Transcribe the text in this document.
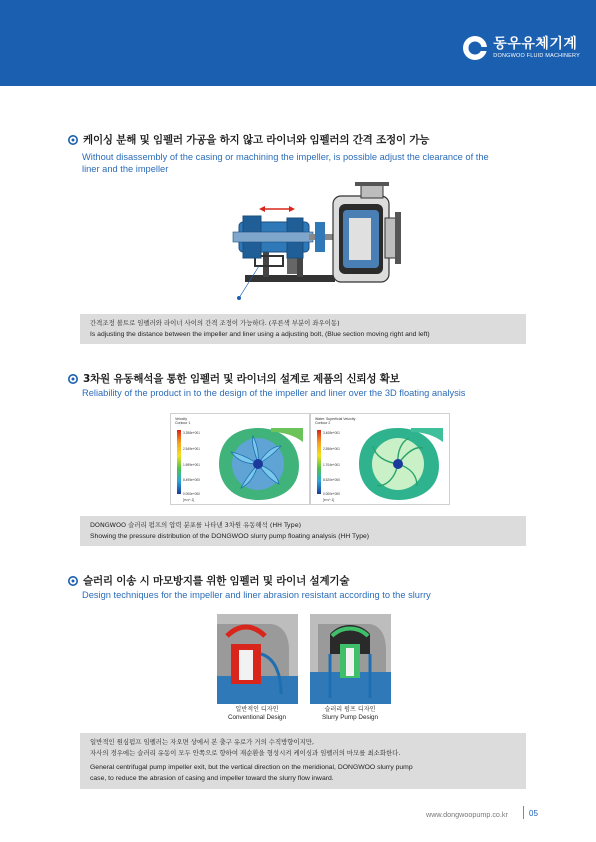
동우유체기계
DONGWOO FLUID MACHINERY
케이싱 분해 및 임펠러 가공을 하지 않고 라이너와 임펠러의 간격 조정이 가능
Without disassembly of the casing or machining the impeller, is possible adjust the clearance of the liner and the impeller
간격조정 볼트로 임펠러와 라이너 사이의 간격 조정이 가능하다. (푸른색 부분이 좌우이동)
Is adjusting the distance between the impeller and liner using a adjusting bolt, (Blue section moving right and left)
3차원 유동해석을 통한 임펠러 및 라이너의 설계로 제품의 신뢰성 확보
Reliability of the product in to the design of the impeller and liner over the 3D floating analysis
Velocity
Contour 1
3.398e+001
2.549e+001
1.699e+001
8.495e+000
0.000e+000
[m s^-1]
Water. Superficial Velocity
Contour 2
3.408e+001
2.556e+001
1.704e+001
8.520e+000
0.000e+000
[m s^-1]
DONGWOO 슬러리 펌프의 압력 분포를 나타낸 3차원 유동해석 (HH Type)
Showing the pressure distribution of the DONGWOO slurry pump floating analysis (HH Type)
슬러리 이송 시 마모방지를 위한 임펠러 및 라이너 설계기술
Design techniques for the impeller and liner abrasion resistant according to the slurry
일반적인 디자인
Conventional Design
슬러리 펌프 디자인
Slurry Pump Design
일반적인 원심펌프 임펠러는 자오면 상에서 본 출구 유로가 거의 수직방향이지만,
자사의 경우에는 슬러리 유동이 모두 안쪽으로 향하여 재순환을 형성시켜 케이싱과 임펠러의 마모를 최소화한다.
General centrifugal pump impeller exit, but the vertical direction on the meridional, DONGWOO slurry pump
case, to reduce the abrasion of casing and impeller toward the slurry flow inward.
www.dongwoopump.co.kr	05
